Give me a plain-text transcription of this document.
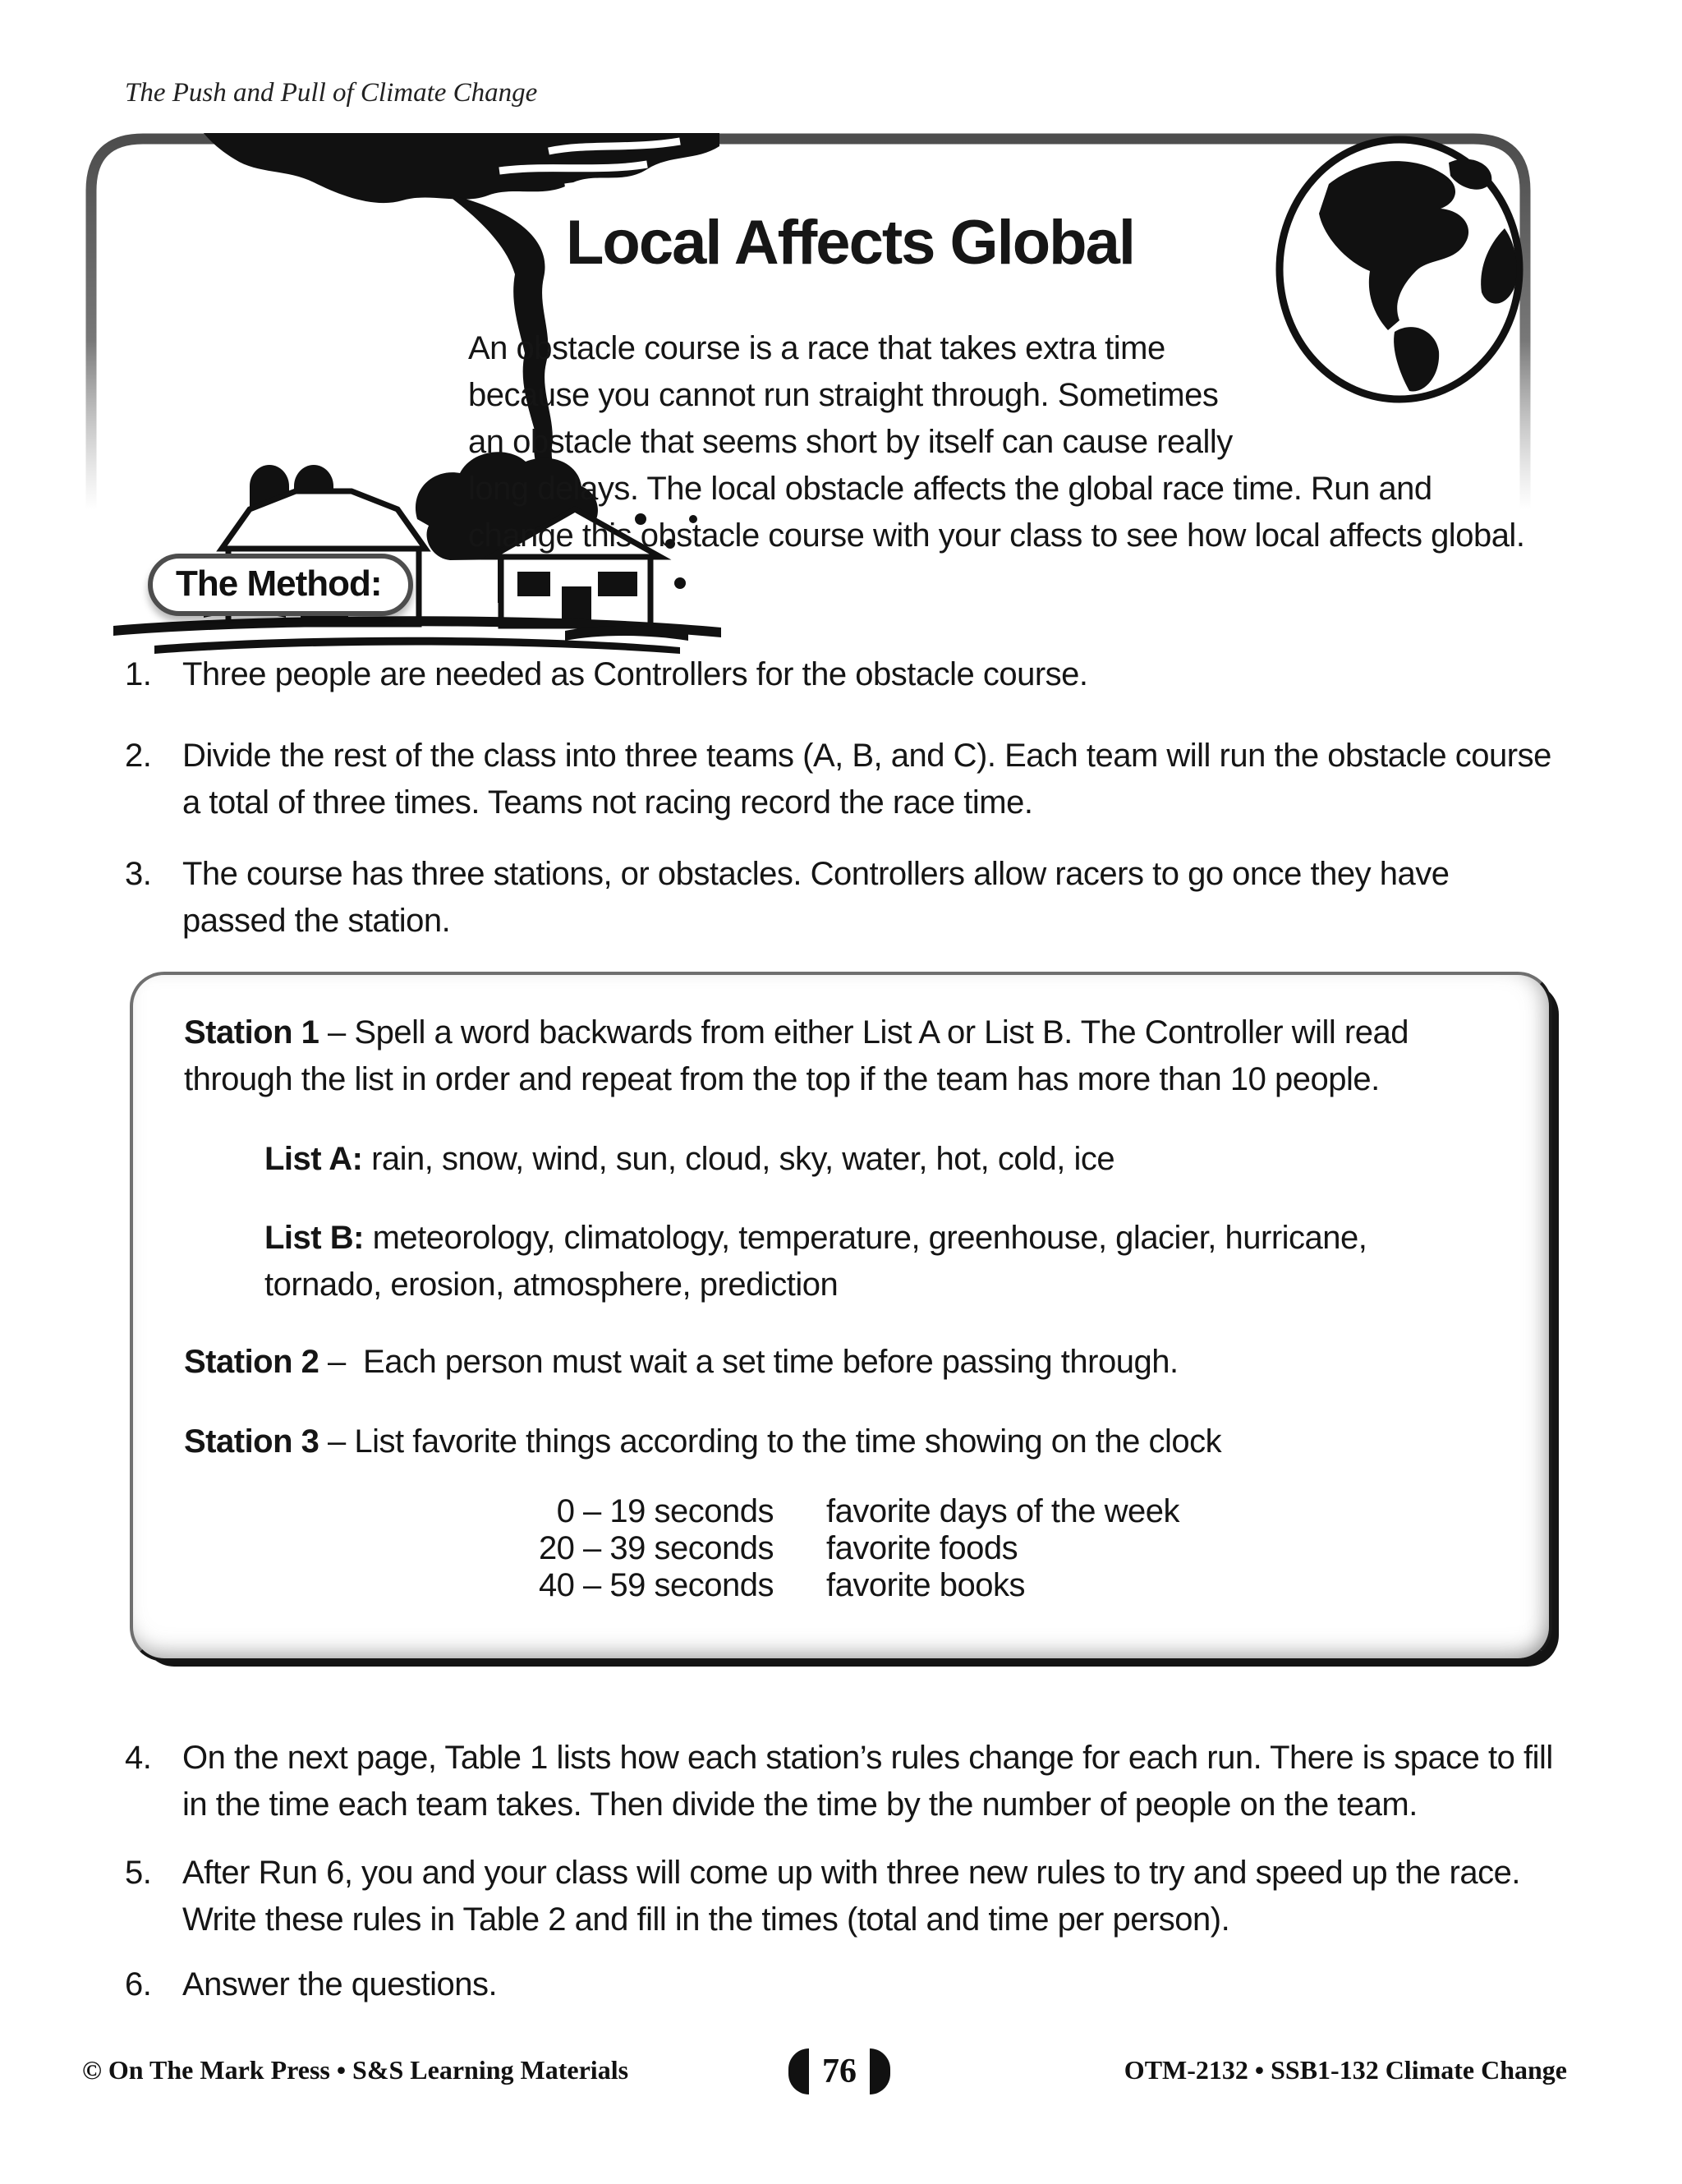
The Push and Pull of Climate Change
Local Affects Global
An obstacle course is a race that takes extra time
because you cannot run straight through. Sometimes
an obstacle that seems short by itself can cause really
long delays. The local obstacle affects the global race time. Run and
change this obstacle course with your class to see how local affects global.
The Method:
1. Three people are needed as Controllers for the obstacle course.
2. Divide the rest of the class into three teams (A, B, and C). Each team will run the obstacle course a total of three times. Teams not racing record the race time.
3. The course has three stations, or obstacles. Controllers allow racers to go once they have passed the station.
Station 1 – Spell a word backwards from either List A or List B. The Controller will read through the list in order and repeat from the top if the team has more than 10 people.
List A: rain, snow, wind, sun, cloud, sky, water, hot, cold, ice
List B: meteorology, climatology, temperature, greenhouse, glacier, hurricane, tornado, erosion, atmosphere, prediction
Station 2 – Each person must wait a set time before passing through.
Station 3 – List favorite things according to the time showing on the clock
0 – 19 seconds favorite days of the week
20 – 39 seconds favorite foods
40 – 59 seconds favorite books
4. On the next page, Table 1 lists how each station’s rules change for each run. There is space to fill in the time each team takes. Then divide the time by the number of people on the team.
5. After Run 6, you and your class will come up with three new rules to try and speed up the race. Write these rules in Table 2 and fill in the times (total and time per person).
6. Answer the questions.
© On The Mark Press • S&S Learning Materials	76	OTM-2132 • SSB1-132 Climate Change
